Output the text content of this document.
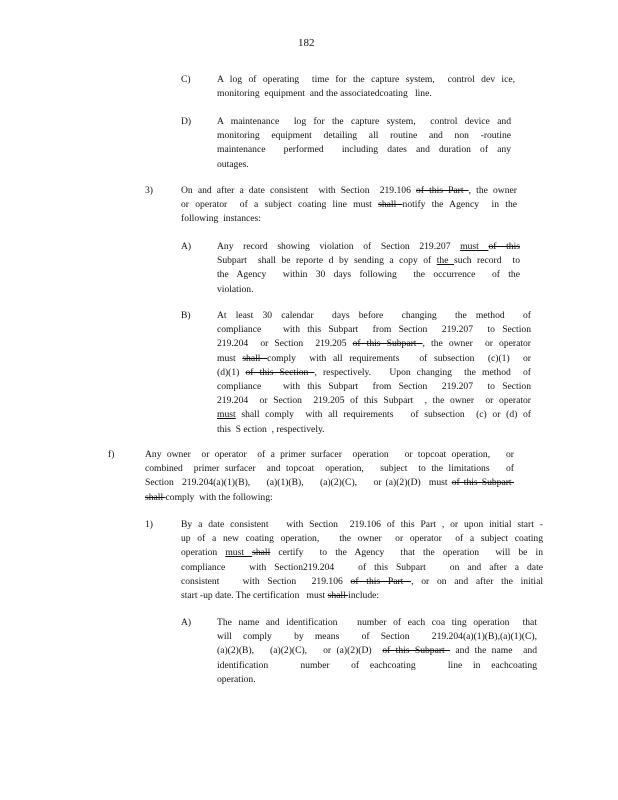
182
C)	A log of operating  time for the capture system,  control dev ice,
monitoring  equipment  and the associatedcoating   line.
D)	A maintenance  log for the capture system,  control device and
monitoring equipment detailing all routine and non -routine
maintenance  performed  including dates and duration of any
outages.
3)	On and after a date consistent  with Section  219.106 of this Part , the owner
or operator  of a subject coating line must shall notify the Agency  in the
following  instances:
A)	Any record showing violation of Section 219.207 must of this
Subpart  shall be reporte d by sending a copy of the such record  to
the Agency  within 30 days following  the occurrence  of the
violation.
B)	At least 30 calendar  days before  changing  the method  of
compliance   with this Subpart  from Section  219.207  to Section
219.204  or Section  219.205 of this Subpart , the owner  or operator
must shall comply  with all requirements   of subsection  (c)(1)  or
(d)(1) of this Section , respectively.   Upon changing  the method  of
compliance   with this Subpart  from Section  219.207  to Section
219.204  or Section  219.205 of this Subpart  , the owner  or operator
must shall comply  with all requirements   of subsection  (c) or (d) of
this  S ection  , respectively.
f)	Any owner  or operator  of a primer surfacer  operation   or topcoat operation,   or
combined  primer surfacer  and topcoat  operation,   subject  to the limitations   of
Section  219.204(a)(1)(B),    (a)(1)(B),    (a)(2)(C),    or (a)(2)(D)  must of this Subpart
shall comply  with the following:
1)	By a date consistent   with Section  219.106 of this Part , or upon initial start -
up of a new coating operation,   the owner  or operator  of a subject coating
operation must shall certify  to the Agency  that the operation  will be in
compliance   with Section219.204   of this Subpart   on and after a date
consistent   with Section  219.106 of this Part , or on and after the initial
start -up date. The certification   must shall include:
A)	The name and identification   number of each coa ting operation  that
will comply  by means  of Section  219.204(a)(1)(B),(a)(1)(C),
(a)(2)(B),   (a)(2)(C),   or (a)(2)(D)  of this Subpart  and the name  and
identification   number  of eachcoating   line in eachcoating
operation.
